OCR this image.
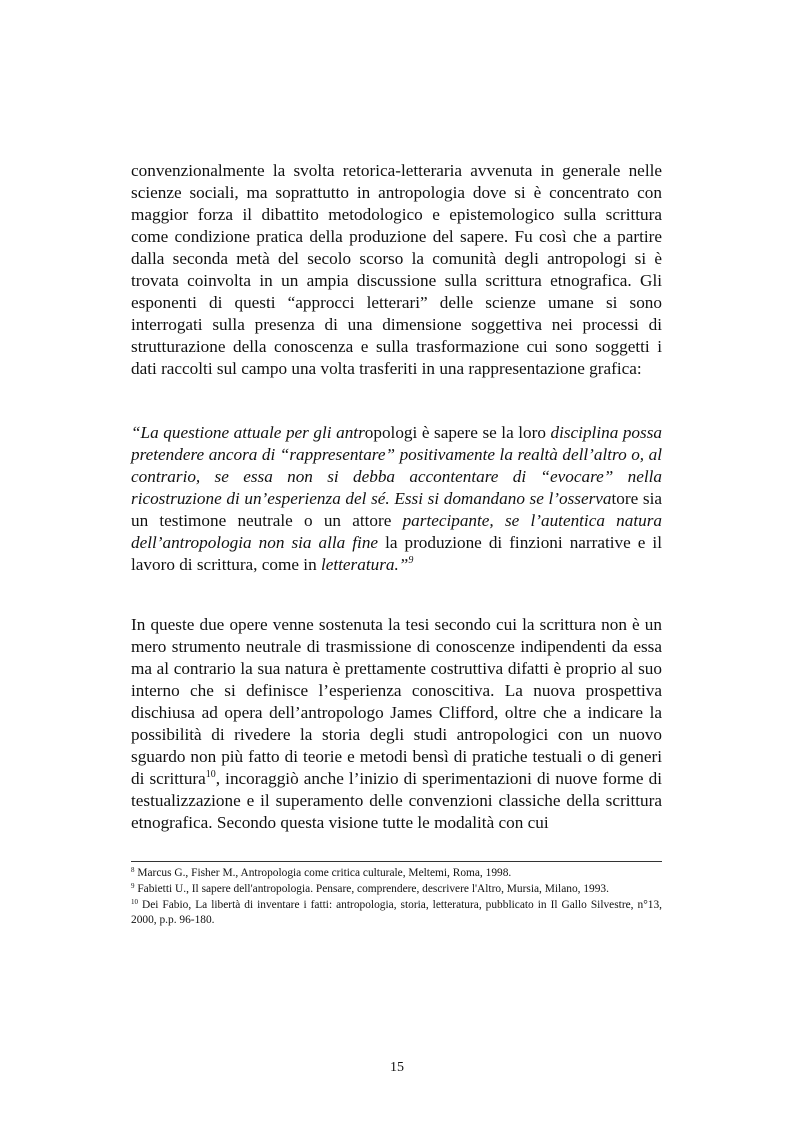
convenzionalmente la svolta retorica-letteraria avvenuta in generale nelle scienze sociali, ma soprattutto in antropologia dove si è concentrato con maggior forza il dibattito metodologico e epistemologico sulla scrittura come condizione pratica della produzione del sapere. Fu così che a partire dalla seconda metà del secolo scorso la comunità degli antropologi si è trovata coinvolta in un ampia discussione sulla scrittura etnografica. Gli esponenti di questi “approcci letterari” delle scienze umane si sono interrogati sulla presenza di una dimensione soggettiva nei processi di strutturazione della conoscenza e sulla trasformazione cui sono soggetti i dati raccolti sul campo una volta trasferiti in una rappresentazione grafica:

“La questione attuale per gli antropologi è sapere se la loro disciplina possa pretendere ancora di “rappresentare” positivamente la realtà dell’altro o, al contrario, se essa non si debba accontentare di “evocare” nella ricostruzione di un’esperienza del sé. Essi si domandano se l’osservatore sia un testimone neutrale o un attore partecipante, se l’autentica natura dell’antropologia non sia alla fine la produzione di finzioni narrative e il lavoro di scrittura, come in letteratura.”$^9$

In queste due opere venne sostenuta la tesi secondo cui la scrittura non è un mero strumento neutrale di trasmissione di conoscenze indipendenti da essa ma al contrario la sua natura è prettamente costruttiva difatti è proprio al suo interno che si definisce l’esperienza conoscitiva. La nuova prospettiva dischiusa ad opera dell’antropologo James Clifford, oltre che a indicare la possibilità di rivedere la storia degli studi antropologici con un nuovo sguardo non più fatto di teorie e metodi bensì di pratiche testuali o di generi di scrittura$^{10}$, incoraggiò anche l’inizio di sperimentazioni di nuove forme di testualizzazione e il superamento delle convenzioni classiche della scrittura etnografica. Secondo questa visione tutte le modalità con cui

$^8$ Marcus G., Fisher M., Antropologia come critica culturale, Meltemi, Roma, 1998.

$^9$ Fabietti U., Il sapere dell'antropologia. Pensare, comprendere, descrivere l'Altro, Mursia, Milano, 1993.

$^{10}$ Dei Fabio, La libertà di inventare i fatti: antropologia, storia, letteratura, pubblicato in Il Gallo Silvestre, n°13, 2000, p.p. 96-180.

15
